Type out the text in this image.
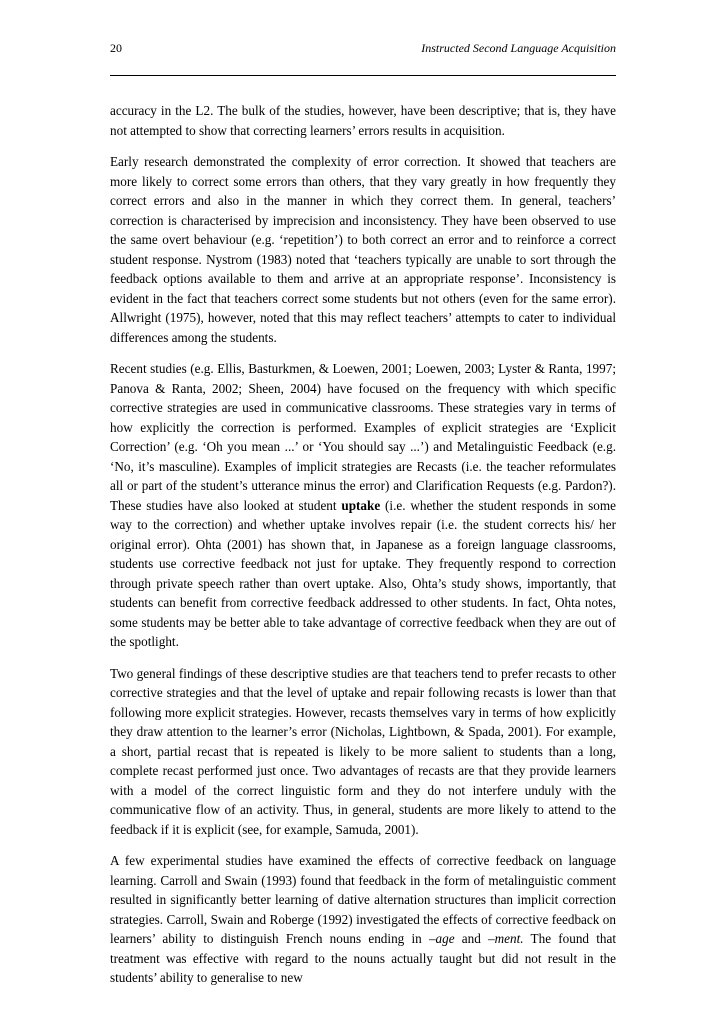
20	Instructed Second Language Acquisition

accuracy in the L2. The bulk of the studies, however, have been descriptive; that is, they have not attempted to show that correcting learners’ errors results in acquisition.

Early research demonstrated the complexity of error correction. It showed that teachers are more likely to correct some errors than others, that they vary greatly in how frequently they correct errors and also in the manner in which they correct them. In general, teachers’ correction is characterised by imprecision and inconsistency. They have been observed to use the same overt behaviour (e.g. ‘repetition’) to both correct an error and to reinforce a correct student response. Nystrom (1983) noted that ‘teachers typically are unable to sort through the feedback options available to them and arrive at an appropriate response’. Inconsistency is evident in the fact that teachers correct some students but not others (even for the same error). Allwright (1975), however, noted that this may reflect teachers’ attempts to cater to individual differences among the students.

Recent studies (e.g. Ellis, Basturkmen, & Loewen, 2001; Loewen, 2003; Lyster & Ranta, 1997; Panova & Ranta, 2002; Sheen, 2004) have focused on the frequency with which specific corrective strategies are used in communicative classrooms. These strategies vary in terms of how explicitly the correction is performed. Examples of explicit strategies are ‘Explicit Correction’ (e.g. ‘Oh you mean ...’ or ‘You should say ...’) and Metalinguistic Feedback (e.g. ‘No, it’s masculine). Examples of implicit strategies are Recasts (i.e. the teacher reformulates all or part of the student’s utterance minus the error) and Clarification Requests (e.g. Pardon?). These studies have also looked at student uptake (i.e. whether the student responds in some way to the correction) and whether uptake involves repair (i.e. the student corrects his/ her original error). Ohta (2001) has shown that, in Japanese as a foreign language classrooms, students use corrective feedback not just for uptake. They frequently respond to correction through private speech rather than overt uptake. Also, Ohta’s study shows, importantly, that students can benefit from corrective feedback addressed to other students. In fact, Ohta notes, some students may be better able to take advantage of corrective feedback when they are out of the spotlight.

Two general findings of these descriptive studies are that teachers tend to prefer recasts to other corrective strategies and that the level of uptake and repair following recasts is lower than that following more explicit strategies. However, recasts themselves vary in terms of how explicitly they draw attention to the learner’s error (Nicholas, Lightbown, & Spada, 2001). For example, a short, partial recast that is repeated is likely to be more salient to students than a long, complete recast performed just once. Two advantages of recasts are that they provide learners with a model of the correct linguistic form and they do not interfere unduly with the communicative flow of an activity. Thus, in general, students are more likely to attend to the feedback if it is explicit (see, for example, Samuda, 2001).

A few experimental studies have examined the effects of corrective feedback on language learning. Carroll and Swain (1993) found that feedback in the form of metalinguistic comment resulted in significantly better learning of dative alternation structures than implicit correction strategies. Carroll, Swain and Roberge (1992) investigated the effects of corrective feedback on learners’ ability to distinguish French nouns ending in –age and –ment. The found that treatment was effective with regard to the nouns actually taught but did not result in the students’ ability to generalise to new
